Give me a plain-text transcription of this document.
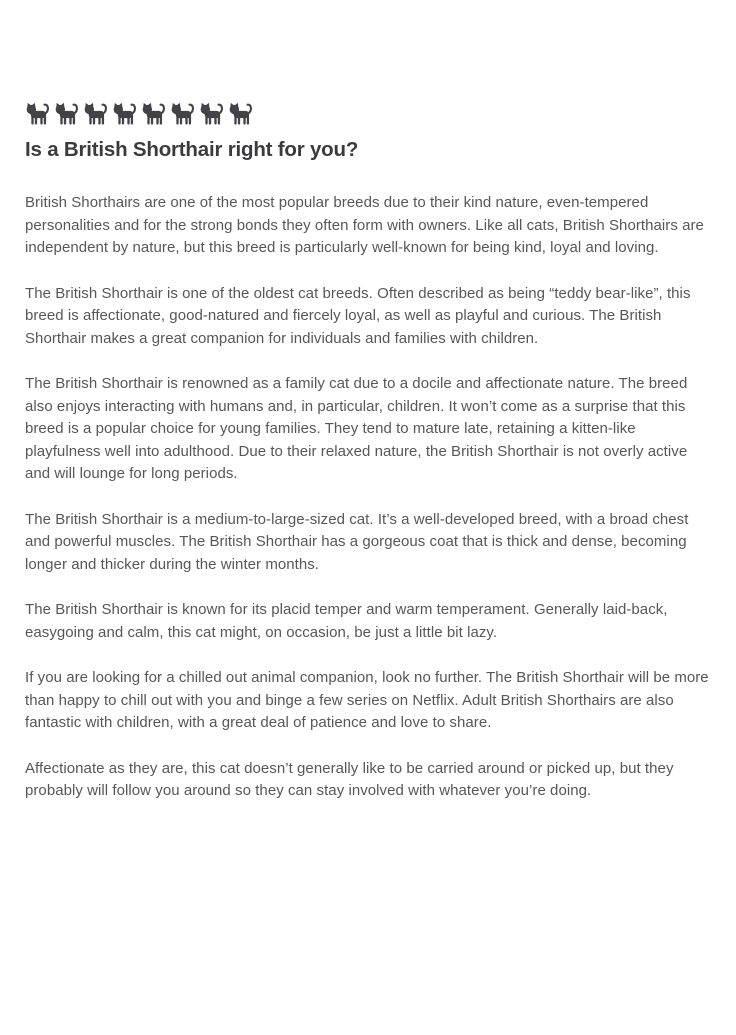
Is a British Shorthair right for you?

British Shorthairs are one of the most popular breeds due to their kind nature, even-tempered personalities and for the strong bonds they often form with owners. Like all cats, British Shorthairs are independent by nature, but this breed is particularly well-known for being kind, loyal and loving.

The British Shorthair is one of the oldest cat breeds. Often described as being “teddy bear-like”, this breed is affectionate, good-natured and fiercely loyal, as well as playful and curious. The British Shorthair makes a great companion for individuals and families with children.

The British Shorthair is renowned as a family cat due to a docile and affectionate nature. The breed also enjoys interacting with humans and, in particular, children. It won’t come as a surprise that this breed is a popular choice for young families. They tend to mature late, retaining a kitten-like playfulness well into adulthood. Due to their relaxed nature, the British Shorthair is not overly active and will lounge for long periods.

The British Shorthair is a medium-to-large-sized cat. It’s a well-developed breed, with a broad chest and powerful muscles. The British Shorthair has a gorgeous coat that is thick and dense, becoming longer and thicker during the winter months.

The British Shorthair is known for its placid temper and warm temperament. Generally laid-back, easygoing and calm, this cat might, on occasion, be just a little bit lazy.

If you are looking for a chilled out animal companion, look no further. The British Shorthair will be more than happy to chill out with you and binge a few series on Netflix. Adult British Shorthairs are also fantastic with children, with a great deal of patience and love to share.

Affectionate as they are, this cat doesn’t generally like to be carried around or picked up, but they probably will follow you around so they can stay involved with whatever you’re doing.
